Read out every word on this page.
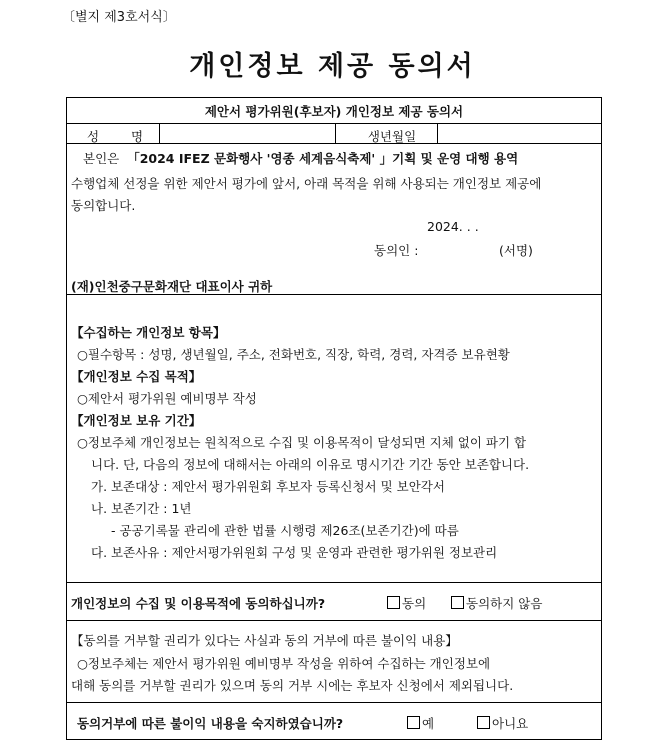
〔별지 제3호서식〕
개인정보 제공 동의서
제안서 평가위원(후보자) 개인정보 제공 동의서
성 명	생년월일
본인은 「2024 IFEZ 문화행사 '영종 세계음식축제' 」기획 및 운영 대행 용역
수행업체 선정을 위한 제안서 평가에 앞서, 아래 목적을 위해 사용되는 개인정보 제공에
동의합니다.
2024. . .
동의인 :	(서명)
(재)인천중구문화재단 대표이사 귀하
【수집하는 개인정보 항목】
○필수항목 : 성명, 생년월일, 주소, 전화번호, 직장, 학력, 경력, 자격증 보유현황
【개인정보 수집 목적】
○제안서 평가위원 예비명부 작성
【개인정보 보유 기간】
○정보주체 개인정보는 원칙적으로 수집 및 이용목적이 달성되면 지체 없이 파기 합
니다. 단, 다음의 정보에 대해서는 아래의 이유로 명시기간 기간 동안 보존합니다.
가. 보존대상 : 제안서 평가위원회 후보자 등록신청서 및 보안각서
나. 보존기간 : 1년
- 공공기록물 관리에 관한 법률 시행령 제26조(보존기간)에 따름
다. 보존사유 : 제안서평가위원회 구성 및 운영과 관련한 평가위원 정보관리
개인정보의 수집 및 이용목적에 동의하십니까?	동의	동의하지 않음
【동의를 거부할 권리가 있다는 사실과 동의 거부에 따른 불이익 내용】
○정보주체는 제안서 평가위원 예비명부 작성을 위하여 수집하는 개인정보에
대해 동의를 거부할 권리가 있으며 동의 거부 시에는 후보자 신청에서 제외됩니다.
동의거부에 따른 불이익 내용을 숙지하였습니까?	예	아니요
